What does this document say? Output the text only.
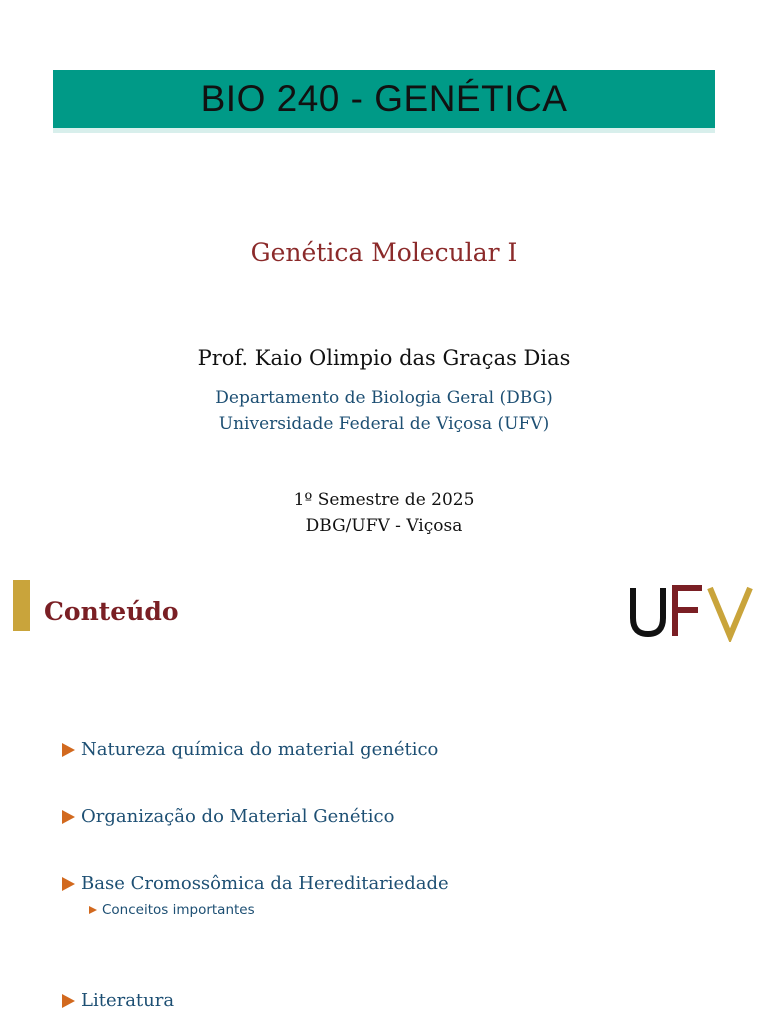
BIO 240 - GENÉTICA
Genética Molecular I
Prof. Kaio Olimpio das Graças Dias
Departamento de Biologia Geral (DBG)
Universidade Federal de Viçosa (UFV)
1º Semestre de 2025
DBG/UFV - Viçosa
Conteúdo
Natureza química do material genético
Organização do Material Genético
Base Cromossômica da Hereditariedade
Conceitos importantes
Literatura
